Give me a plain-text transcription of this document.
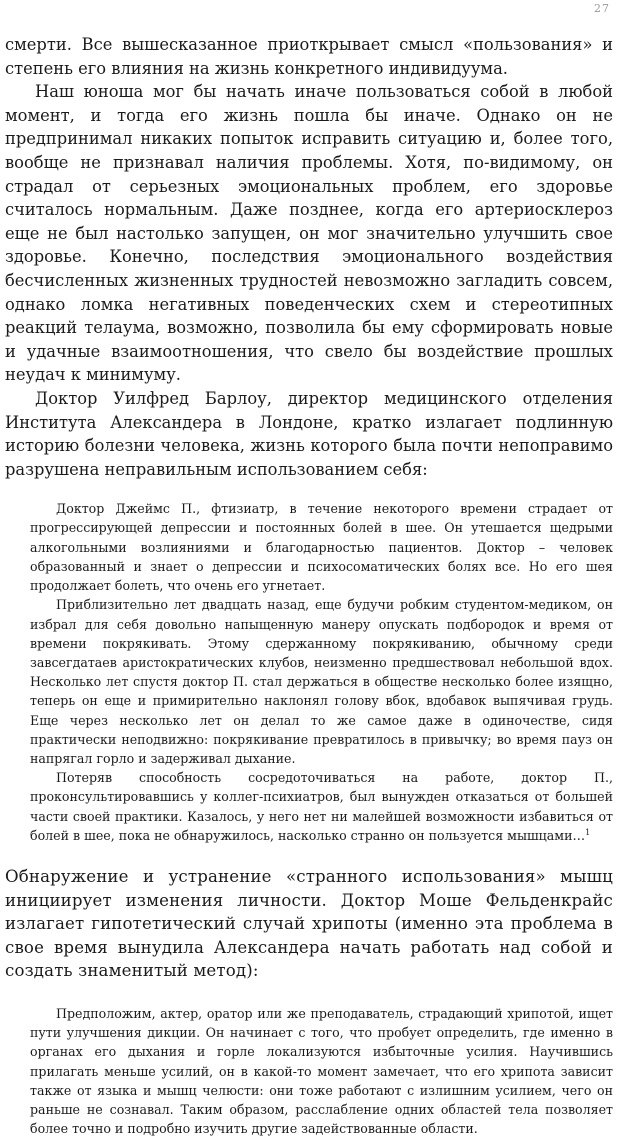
27

смерти. Все вышесказанное приоткрывает смысл «пользования» и степень его влияния на жизнь конкретного индивидуума.

Наш юноша мог бы начать иначе пользоваться собой в любой момент, и тогда его жизнь пошла бы иначе. Однако он не предпринимал никаких попыток исправить ситуацию и, более того, вообще не признавал наличия проблемы. Хотя, по-видимому, он страдал от серьезных эмоциональных проблем, его здоровье считалось нормальным. Даже позднее, когда его артериосклероз еще не был настолько запущен, он мог значительно улучшить свое здоровье. Конечно, последствия эмоционального воздействия бесчисленных жизненных трудностей невозможно загладить совсем, однако ломка негативных поведенческих схем и стереотипных реакций телаума, возможно, позволила бы ему сформировать новые и удачные взаимоотношения, что свело бы воздействие прошлых неудач к минимуму.

Доктор Уилфред Барлоу, директор медицинского отделения Института Александера в Лондоне, кратко излагает подлинную историю болезни человека, жизнь которого была почти непоправимо разрушена неправильным использованием себя:

Доктор Джеймс П., фтизиатр, в течение некоторого времени страдает от прогрессирующей депрессии и постоянных болей в шее. Он утешается щедрыми алкогольными возлияниями и благодарностью пациентов. Доктор – человек образованный и знает о депрессии и психосоматических болях все. Но его шея продолжает болеть, что очень его угнетает.

Приблизительно лет двадцать назад, еще будучи робким студентом-медиком, он избрал для себя довольно напыщенную манеру опускать подбородок и время от времени покрякивать. Этому сдержанному покрякиванию, обычному среди завсегдатаев аристократических клубов, неизменно предшествовал небольшой вдох. Несколько лет спустя доктор П. стал держаться в обществе несколько более изящно, теперь он еще и примирительно наклонял голову вбок, вдобавок выпячивая грудь. Еще через несколько лет он делал то же самое даже в одиночестве, сидя практически неподвижно: покрякивание превратилось в привычку; во время пауз он напрягал горло и задерживал дыхание.

Потеряв способность сосредоточиваться на работе, доктор П., проконсультировавшись у коллег-психиатров, был вынужден отказаться от большей части своей практики. Казалось, у него нет ни малейшей возможности избавиться от болей в шее, пока не обнаружилось, насколько странно он пользуется мышцами…$^1$

Обнаружение и устранение «странного использования» мышц инициирует изменения личности. Доктор Моше Фельденкрайс излагает гипотетический случай хрипоты (именно эта проблема в свое время вынудила Александера начать работать над собой и создать знаменитый метод):

Предположим, актер, оратор или же преподаватель, страдающий хрипотой, ищет пути улучшения дикции. Он начинает с того, что пробует определить, где именно в органах его дыхания и горле локализуются избыточные усилия. Научившись прилагать меньше усилий, он в какой-то момент замечает, что его хрипота зависит также от языка и мышц челюсти: они тоже работают с излишним усилием, чего он раньше не сознавал. Таким образом, расслабление одних областей тела позволяет более точно и подробно изучить другие задействованные области.
